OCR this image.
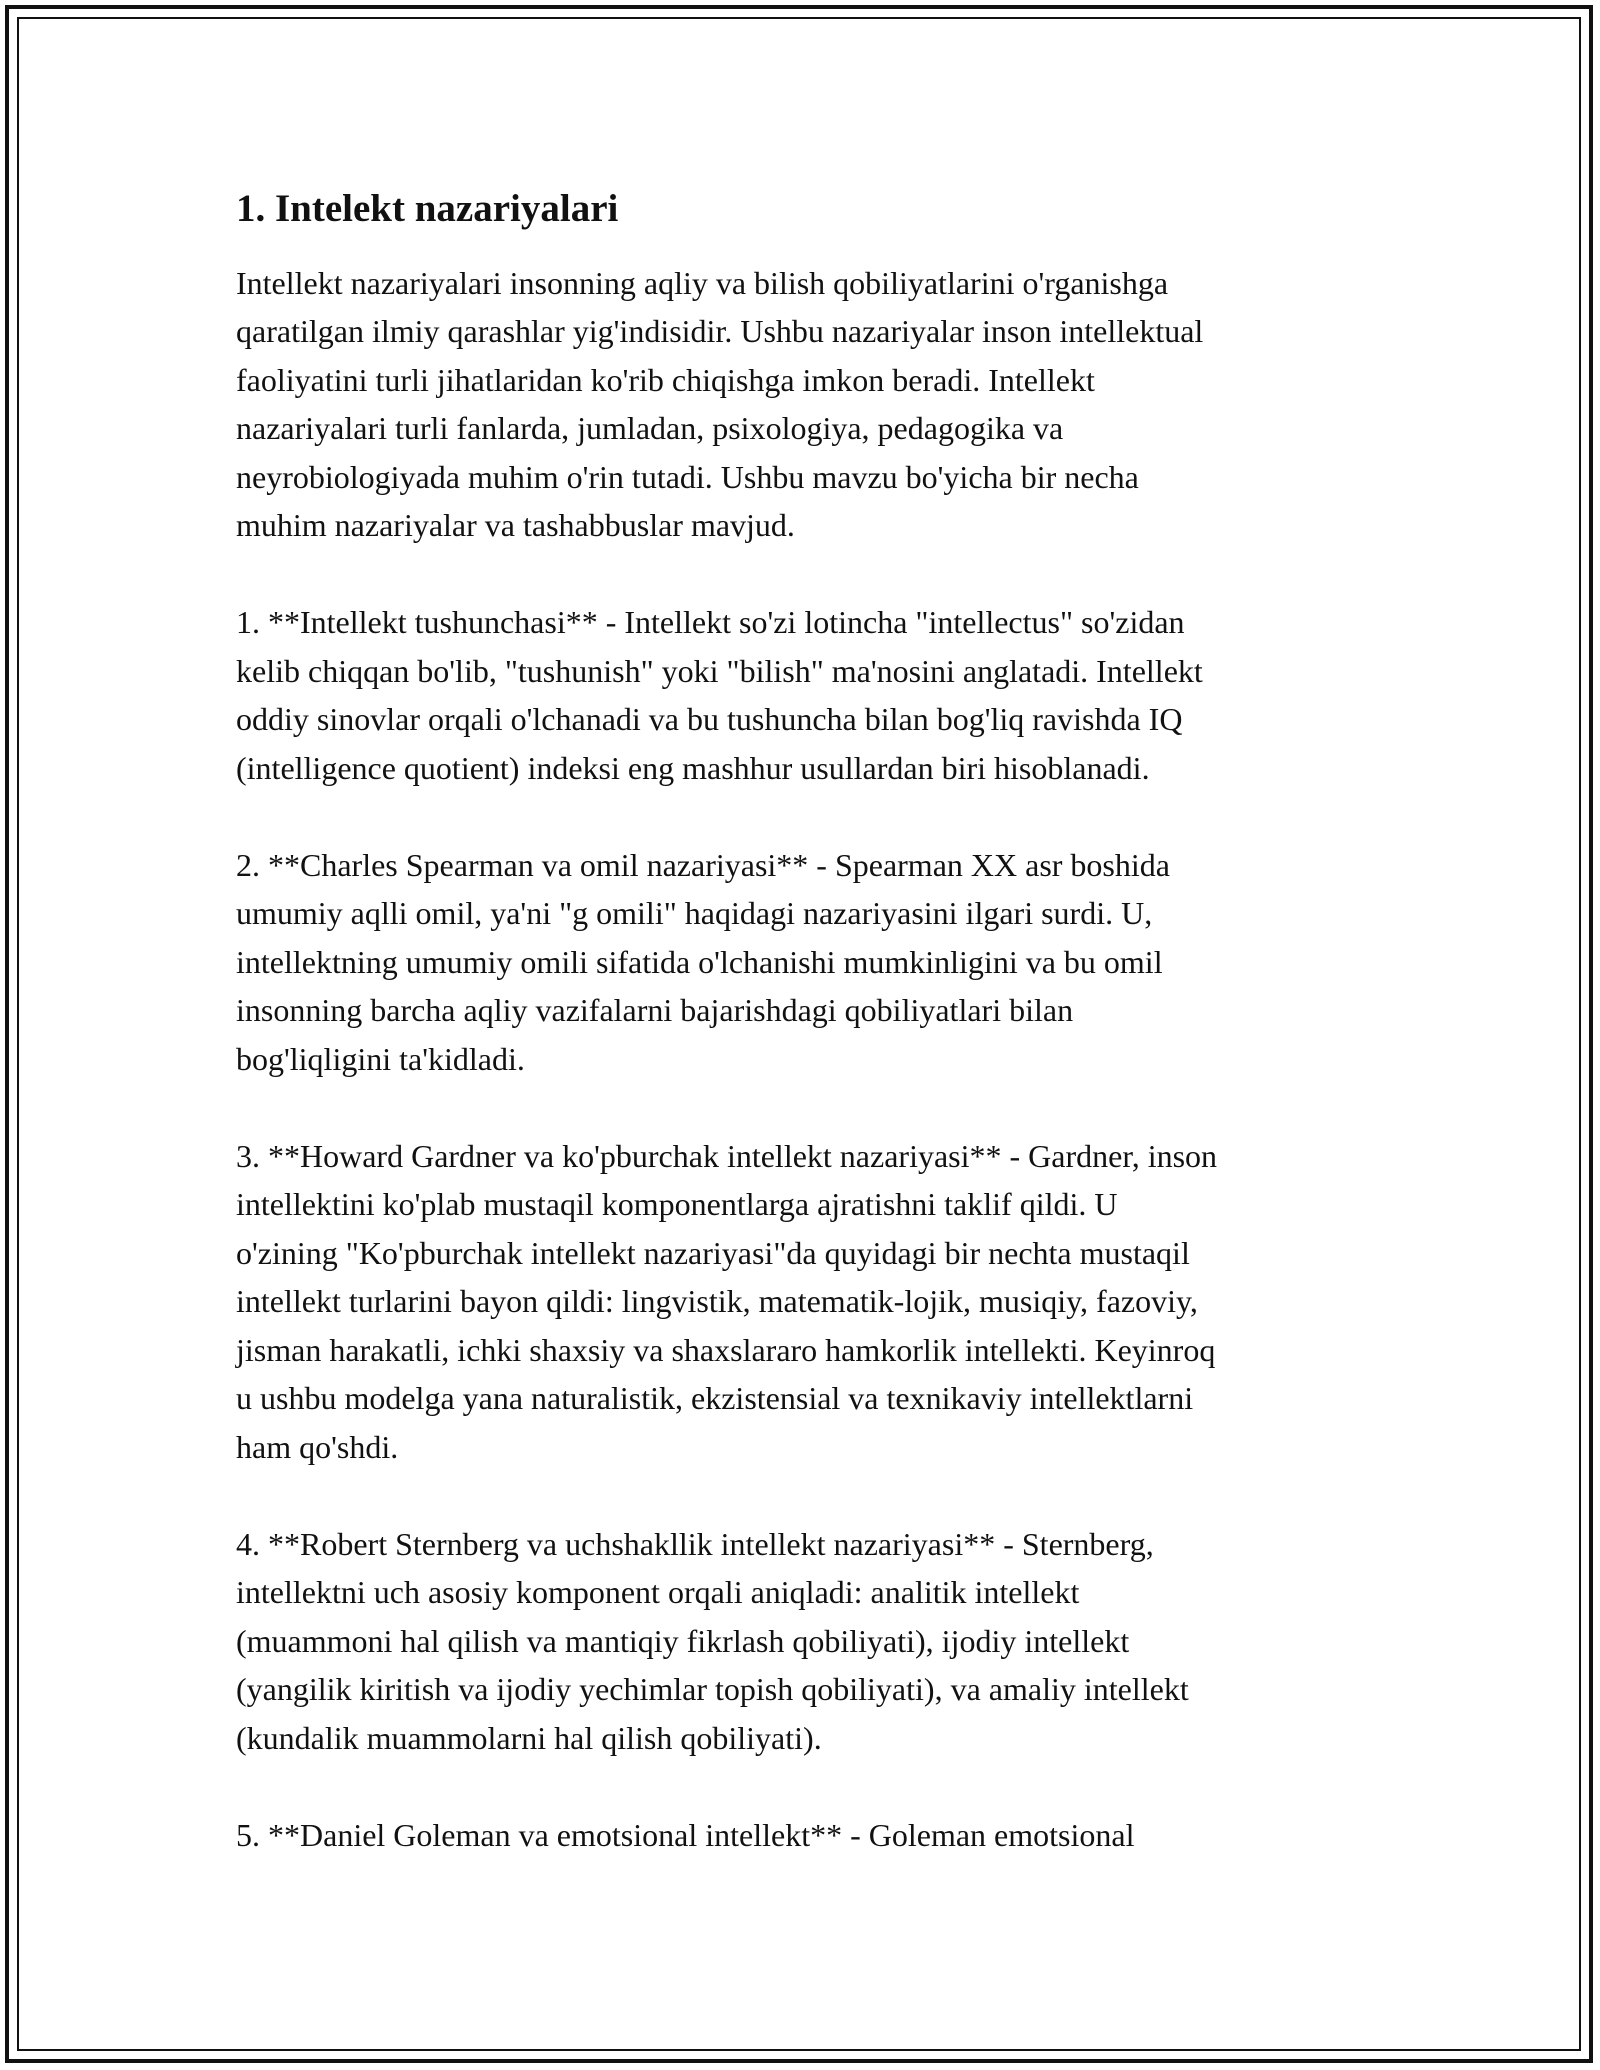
1. Intelekt nazariyalari

Intellekt nazariyalari insonning aqliy va bilish qobiliyatlarini o'rganishga
qaratilgan ilmiy qarashlar yig'indisidir. Ushbu nazariyalar inson intellektual
faoliyatini turli jihatlaridan ko'rib chiqishga imkon beradi. Intellekt
nazariyalari turli fanlarda, jumladan, psixologiya, pedagogika va
neyrobiologiyada muhim o'rin tutadi. Ushbu mavzu bo'yicha bir necha
muhim nazariyalar va tashabbuslar mavjud.

1. **Intellekt tushunchasi** - Intellekt so'zi lotincha "intellectus" so'zidan
kelib chiqqan bo'lib, "tushunish" yoki "bilish" ma'nosini anglatadi. Intellekt
oddiy sinovlar orqali o'lchanadi va bu tushuncha bilan bog'liq ravishda IQ
(intelligence quotient) indeksi eng mashhur usullardan biri hisoblanadi.

2. **Charles Spearman va omil nazariyasi** - Spearman XX asr boshida
umumiy aqlli omil, ya'ni "g omili" haqidagi nazariyasini ilgari surdi. U,
intellektning umumiy omili sifatida o'lchanishi mumkinligini va bu omil
insonning barcha aqliy vazifalarni bajarishdagi qobiliyatlari bilan
bog'liqligini ta'kidladi.

3. **Howard Gardner va ko'pburchak intellekt nazariyasi** - Gardner, inson
intellektini ko'plab mustaqil komponentlarga ajratishni taklif qildi. U
o'zining "Ko'pburchak intellekt nazariyasi"da quyidagi bir nechta mustaqil
intellekt turlarini bayon qildi: lingvistik, matematik-lojik, musiqiy, fazoviy,
jisman harakatli, ichki shaxsiy va shaxslararo hamkorlik intellekti. Keyinroq
u ushbu modelga yana naturalistik, ekzistensial va texnikaviy intellektlarni
ham qo'shdi.

4. **Robert Sternberg va uchshakllik intellekt nazariyasi** - Sternberg,
intellektni uch asosiy komponent orqali aniqladi: analitik intellekt
(muammoni hal qilish va mantiqiy fikrlash qobiliyati), ijodiy intellekt
(yangilik kiritish va ijodiy yechimlar topish qobiliyati), va amaliy intellekt
(kundalik muammolarni hal qilish qobiliyati).

5. **Daniel Goleman va emotsional intellekt** - Goleman emotsional
